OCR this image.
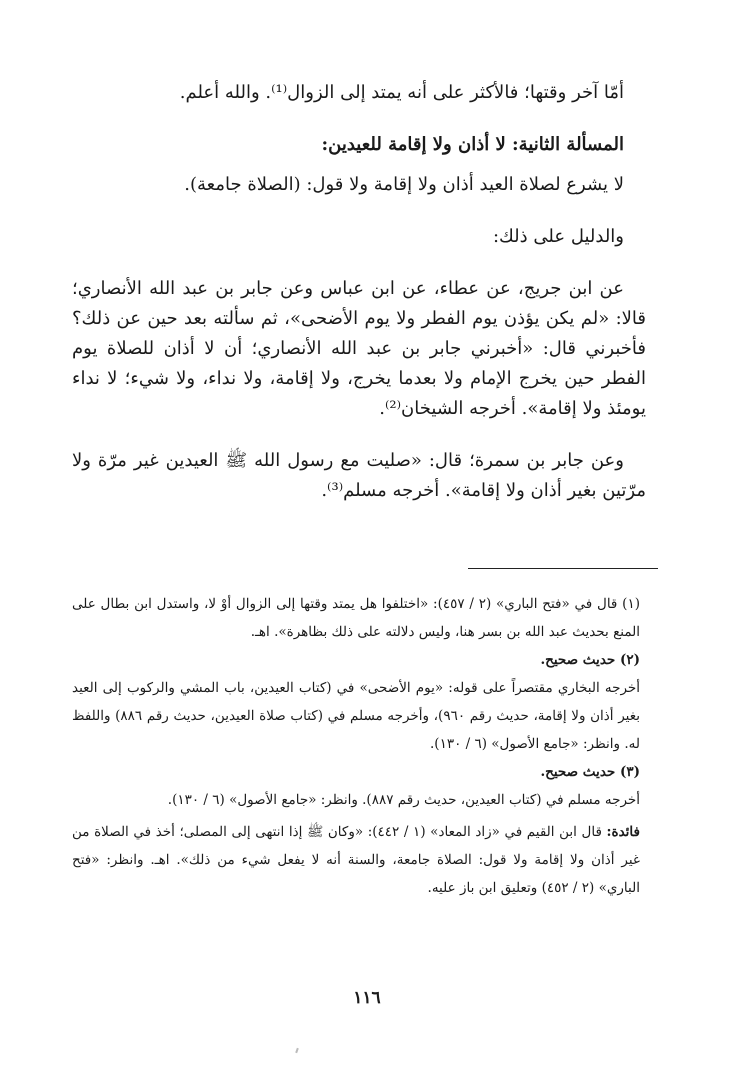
أمّا آخر وقتها؛ فالأكثر على أنه يمتد إلى الزوال⁽¹⁾. والله أعلم.

المسألة الثانية: لا أذان ولا إقامة للعيدين:

لا يشرع لصلاة العيد أذان ولا إقامة ولا قول: (الصلاة جامعة).

والدليل على ذلك:

عن ابن جريج، عن عطاء، عن ابن عباس وعن جابر بن عبد الله الأنصاري؛ قالا: «لم يكن يؤذن يوم الفطر ولا يوم الأضحى»، ثم سألته بعد حين عن ذلك؟ فأخبرني قال: «أخبرني جابر بن عبد الله الأنصاري؛ أن لا أذان للصلاة يوم الفطر حين يخرج الإمام ولا بعدما يخرج، ولا إقامة، ولا نداء، ولا شيء؛ لا نداء يومئذ ولا إقامة». أخرجه الشيخان⁽²⁾.

وعن جابر بن سمرة؛ قال: «صليت مع رسول الله ﷺ العيدين غير مرّة ولا مرّتين بغير أذان ولا إقامة». أخرجه مسلم⁽³⁾.

(١) قال في «فتح الباري» (٢ / ٤٥٧): «اختلفوا هل يمتد وقتها إلى الزوال أوْ لا، واستدل ابن بطال على المنع بحديث عبد الله بن بسر هنا، وليس دلالته على ذلك بظاهرة». اهـ.

(٢) حديث صحيح.

أخرجه البخاري مقتصراً على قوله: «يوم الأضحى» في (كتاب العيدين، باب المشي والركوب إلى العيد بغير أذان ولا إقامة، حديث رقم ٩٦٠)، وأخرجه مسلم في (كتاب صلاة العيدين، حديث رقم ٨٨٦) واللفظ له. وانظر: «جامع الأصول» (٦ / ١٣٠).

(٣) حديث صحيح.

أخرجه مسلم في (كتاب العيدين، حديث رقم ٨٨٧). وانظر: «جامع الأصول» (٦ / ١٣٠).

فائدة: قال ابن القيم في «زاد المعاد» (١ / ٤٤٢): «وكان ﷺ إذا انتهى إلى المصلى؛ أخذ في الصلاة من غير أذان ولا إقامة ولا قول: الصلاة جامعة، والسنة أنه لا يفعل شيء من ذلك». اهـ. وانظر: «فتح الباري» (٢ / ٤٥٢) وتعليق ابن باز عليه.

١١٦
